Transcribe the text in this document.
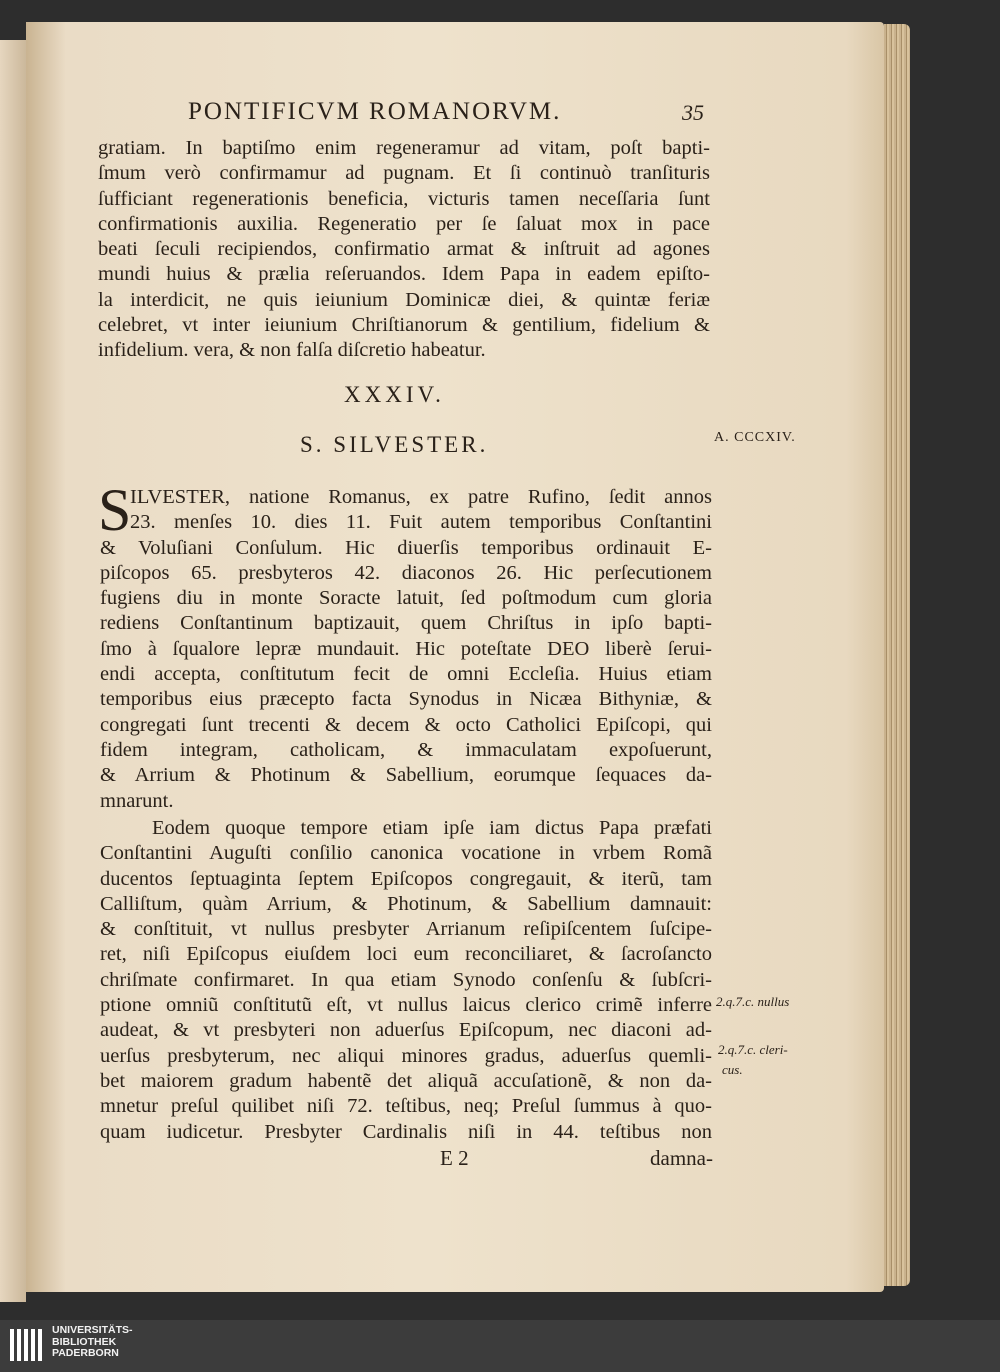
PONTIFICVM ROMANORVM.	35
gratiam. In baptiſmo enim regeneramur ad vitam, poſt bapti-
ſmum verò confirmamur ad pugnam. Et ſi continuò tranſituris
ſufficiant regenerationis beneficia, victuris tamen neceſſaria ſunt
confirmationis auxilia. Regeneratio per ſe ſaluat mox in pace
beati ſeculi recipiendos, confirmatio armat & inſtruit ad agones
mundi huius & prælia reſeruandos. Idem Papa in eadem epiſto-
la interdicit, ne quis ieiunium Dominicæ diei, & quintæ feriæ
celebret, vt inter ieiunium Chriſtianorum & gentilium, fidelium &
infidelium. vera, & non falſa diſcretio habeatur.
XXXIV.
S. SILVESTER.	A. CCCXIV.
S
ILVESTER, natione Romanus, ex patre Rufino, ſedit annos
23. menſes 10. dies 11. Fuit autem temporibus Conſtantini
& Voluſiani Conſulum. Hic diuerſis temporibus ordinauit E-
piſcopos 65. presbyteros 42. diaconos 26. Hic perſecutionem
fugiens diu in monte Soracte latuit, ſed poſtmodum cum gloria
rediens Conſtantinum baptizauit, quem Chriſtus in ipſo bapti-
ſmo à ſqualore lepræ mundauit. Hic poteſtate DEO liberè ſerui-
endi accepta, conſtitutum fecit de omni Eccleſia. Huius etiam
temporibus eius præcepto facta Synodus in Nicæa Bithyniæ, &
congregati ſunt trecenti & decem & octo Catholici Epiſcopi, qui
fidem integram, catholicam, & immaculatam expoſuerunt,
& Arrium & Photinum & Sabellium, eorumque ſequaces da-
mnarunt.
Eodem quoque tempore etiam ipſe iam dictus Papa præfati
Conſtantini Auguſti conſilio canonica vocatione in vrbem Romã
ducentos ſeptuaginta ſeptem Epiſcopos congregauit, & iterũ, tam
Calliſtum, quàm Arrium, & Photinum, & Sabellium damnauit:
& conſtituit, vt nullus presbyter Arrianum reſipiſcentem ſuſcipe-
ret, niſi Epiſcopus eiuſdem loci eum reconciliaret, & ſacroſancto
chriſmate confirmaret. In qua etiam Synodo conſenſu & ſubſcri-
ptione omniũ conſtitutũ eſt, vt nullus laicus clerico crimẽ inferre
audeat, & vt presbyteri non aduerſus Epiſcopum, nec diaconi ad-
uerſus presbyterum, nec aliqui minores gradus, aduerſus quemli-
bet maiorem gradum habentẽ det aliquã accuſationẽ, & non da-
mnetur preſul quilibet niſi 72. teſtibus, neq; Preſul ſummus à quo-
quam iudicetur. Presbyter Cardinalis niſi in 44. teſtibus non
2.q.7.c. nullus
2.q.7.c. cleri-
cus.
E 2	damna-
UNIVERSITÄTS-
BIBLIOTHEK
PADERBORN
